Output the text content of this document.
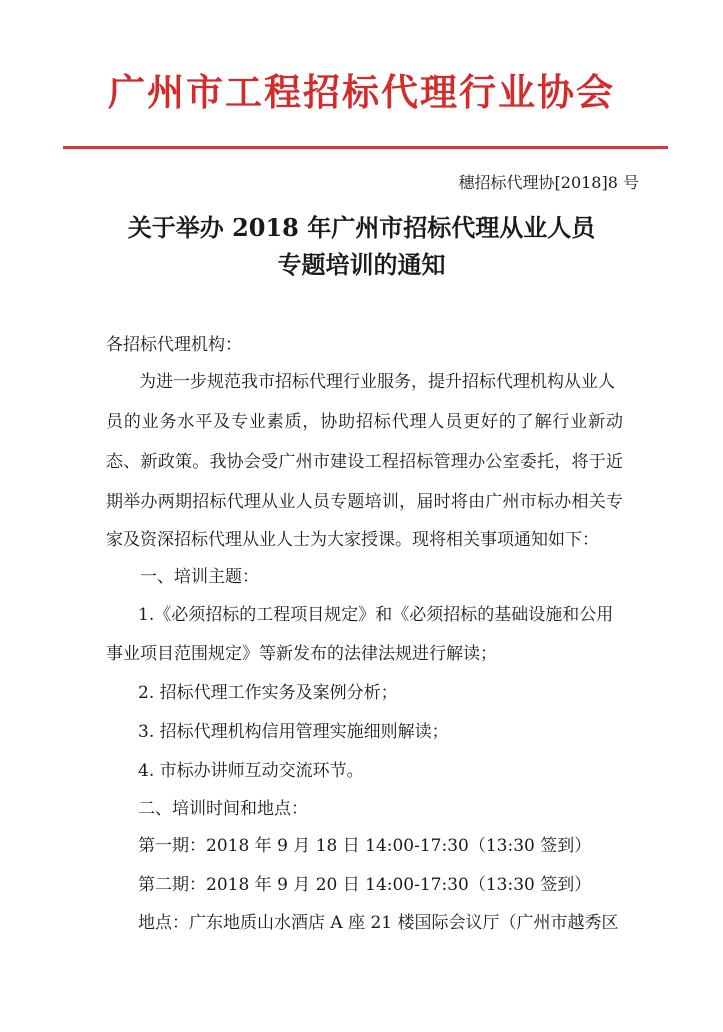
广州市工程招标代理行业协会
穗招标代理协[2018]8 号
关于举办 2018 年广州市招标代理从业人员
专题培训的通知
各招标代理机构：
为进一步规范我市招标代理行业服务，提升招标代理机构从业人
员的业务水平及专业素质，协助招标代理人员更好的了解行业新动
态、新政策。我协会受广州市建设工程招标管理办公室委托，将于近
期举办两期招标代理从业人员专题培训，届时将由广州市标办相关专
家及资深招标代理从业人士为大家授课。现将相关事项通知如下：
一、培训主题：
1.《必须招标的工程项目规定》和《必须招标的基础设施和公用
事业项目范围规定》等新发布的法律法规进行解读；
2. 招标代理工作实务及案例分析；
3. 招标代理机构信用管理实施细则解读；
4. 市标办讲师互动交流环节。
二、培训时间和地点：
第一期：2018 年 9 月 18 日 14:00-17:30（13:30 签到）
第二期：2018 年 9 月 20 日 14:00-17:30（13:30 签到）
地点：广东地质山水酒店 A 座 21 楼国际会议厅（广州市越秀区
